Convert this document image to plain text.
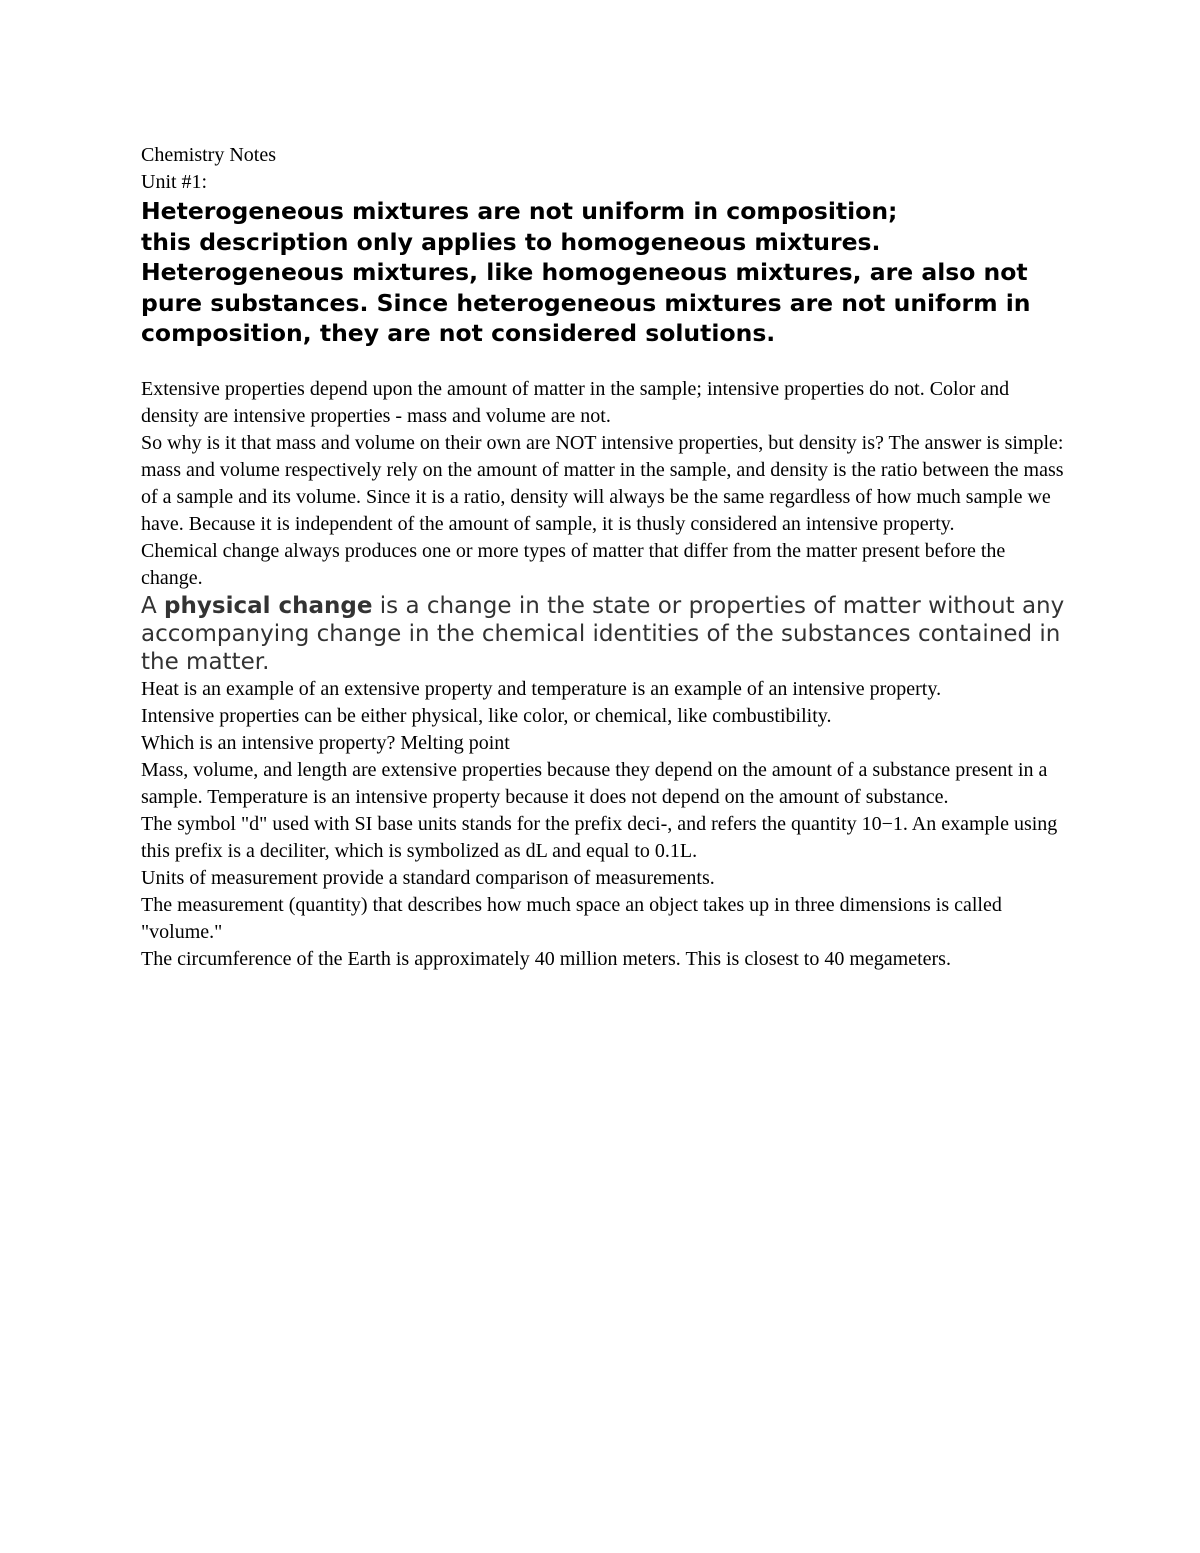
Chemistry Notes

Unit #1:

Heterogeneous mixtures are not uniform in composition;
this description only applies to homogeneous mixtures. Heterogeneous mixtures, like homogeneous mixtures, are also not pure substances. Since heterogeneous mixtures are not uniform in composition, they are not considered solutions.

Extensive properties depend upon the amount of matter in the sample; intensive properties do not. Color and density are intensive properties - mass and volume are not.

So why is it that mass and volume on their own are NOT intensive properties, but density is? The answer is simple: mass and volume respectively rely on the amount of matter in the sample, and density is the ratio between the mass of a sample and its volume. Since it is a ratio, density will always be the same regardless of how much sample we have. Because it is independent of the amount of sample, it is thusly considered an intensive property.

Chemical change always produces one or more types of matter that differ from the matter present before the change.

A physical change is a change in the state or properties of matter without any accompanying change in the chemical identities of the substances contained in the matter.

Heat is an example of an extensive property and temperature is an example of an intensive property.

Intensive properties can be either physical, like color, or chemical, like combustibility.

Which is an intensive property? Melting point

Mass, volume, and length are extensive properties because they depend on the amount of a substance present in a sample. Temperature is an intensive property because it does not depend on the amount of substance.

The symbol "d" used with SI base units stands for the prefix deci-, and refers the quantity 10−1. An example using this prefix is a deciliter, which is symbolized as dL and equal to 0.1L.

Units of measurement provide a standard comparison of measurements.

The measurement (quantity) that describes how much space an object takes up in three dimensions is called "volume."

The circumference of the Earth is approximately 40 million meters. This is closest to 40 megameters.
